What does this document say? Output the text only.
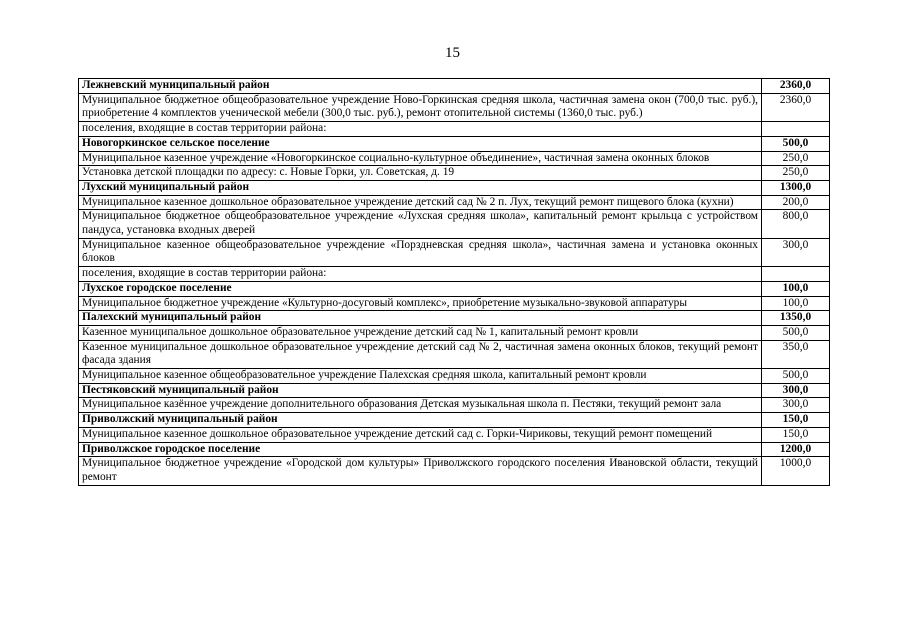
15
Лежневский муниципальный район	2360,0
Муниципальное бюджетное общеобразовательное учреждение Ново-Горкинская средняя школа, частичная замена окон (700,0 тыс. руб.), приобретение 4 комплектов ученической мебели (300,0 тыс. руб.), ремонт отопительной системы (1360,0 тыс. руб.)	2360,0
поселения, входящие в состав территории района:	
Новогоркинское сельское поселение	500,0
Муниципальное казенное учреждение «Новогоркинское социально-культурное объединение», частичная замена оконных блоков	250,0
Установка детской площадки по адресу: с. Новые Горки, ул. Советская, д. 19	250,0
Лухский муниципальный район	1300,0
Муниципальное казенное дошкольное образовательное учреждение детский сад № 2 п. Лух, текущий ремонт пищевого блока (кухни)	200,0
Муниципальное бюджетное общеобразовательное учреждение «Лухская средняя школа», капитальный ремонт крыльца с устройством пандуса, установка входных дверей	800,0
Муниципальное казенное общеобразовательное учреждение «Порздневская средняя школа», частичная замена и установка оконных блоков	300,0
поселения, входящие в состав территории района:	
Лухское городское поселение	100,0
Муниципальное бюджетное учреждение «Культурно-досуговый комплекс», приобретение музыкально-звуковой аппаратуры	100,0
Палехский муниципальный район	1350,0
Казенное муниципальное дошкольное образовательное учреждение детский сад № 1, капитальный ремонт кровли	500,0
Казенное муниципальное дошкольное образовательное учреждение детский сад № 2, частичная замена оконных блоков, текущий ремонт фасада здания	350,0
Муниципальное казенное общеобразовательное учреждение Палехская средняя школа, капитальный ремонт кровли	500,0
Пестяковский муниципальный район	300,0
Муниципальное казённое учреждение дополнительного образования Детская музыкальная школа п. Пестяки, текущий ремонт зала	300,0
Приволжский муниципальный район	150,0
Муниципальное казенное дошкольное образовательное учреждение детский сад с. Горки-Чириковы, текущий ремонт помещений	150,0
Приволжское городское поселение	1200,0
Муниципальное бюджетное учреждение «Городской дом культуры» Приволжского городского поселения Ивановской области, текущий ремонт	1000,0
